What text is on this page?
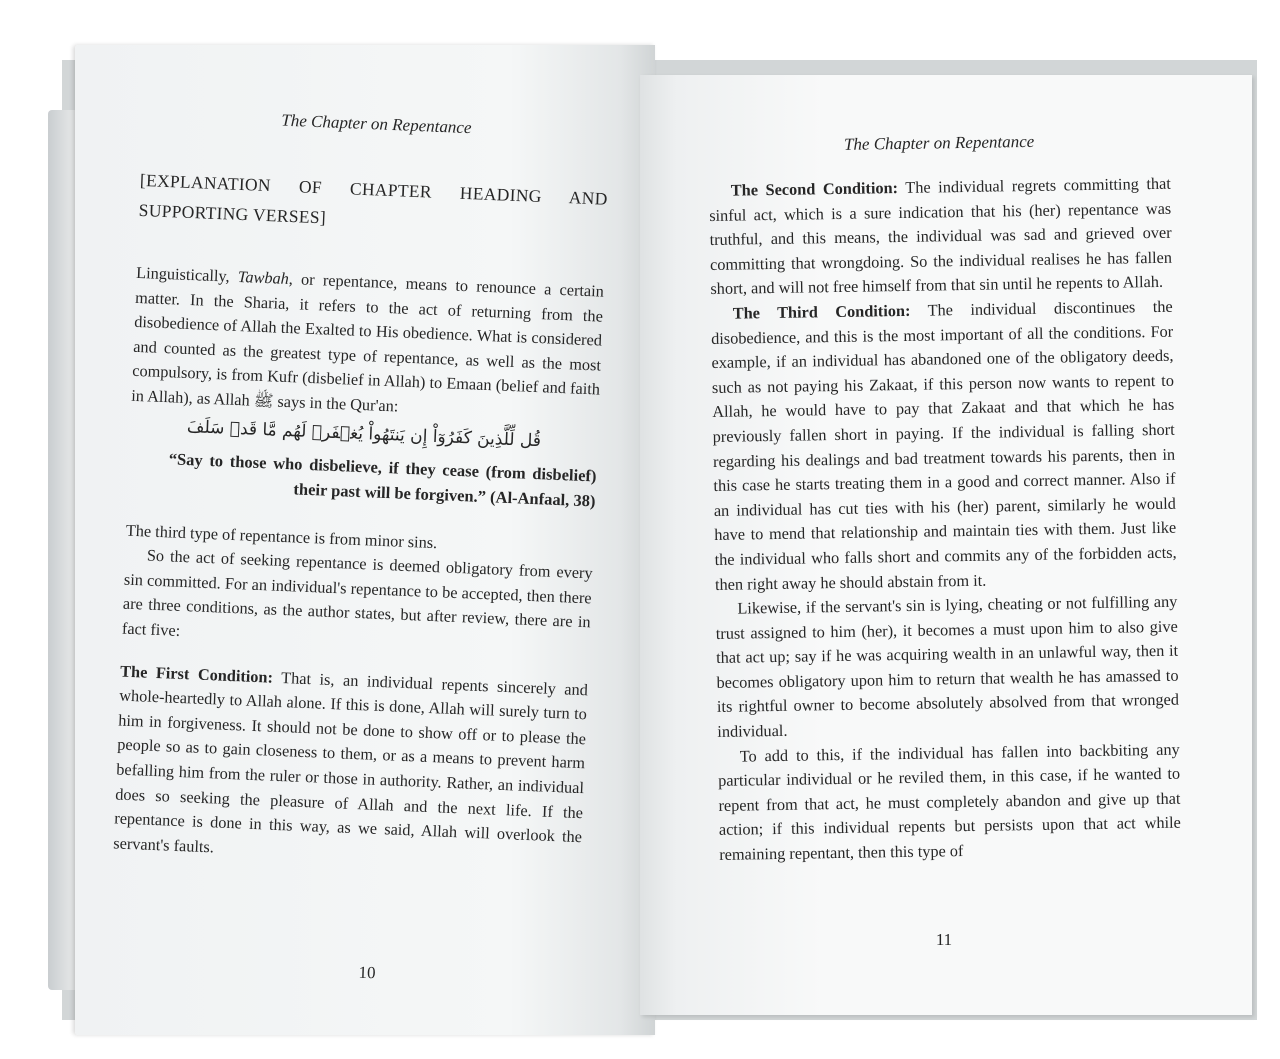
The Chapter on Repentance
[EXPLANATION OF CHAPTER HEADING AND SUPPORTING VERSES]

Linguistically, Tawbah, or repentance, means to renounce a certain matter. In the Sharia, it refers to the act of returning from the disobedience of Allah the Exalted to His obedience. What is considered and counted as the greatest type of repentance, as well as the most compulsory, is from Kufr (disbelief in Allah) to Emaan (belief and faith in Allah), as Allah ﷺ says in the Qur'an:

قُل لِّلَّذِينَ كَفَرُوٓاْ إِن يَنتَهُواْ يُغۡفَرۡ لَهُم مَّا قَدۡ سَلَفَ
“Say to those who disbelieve, if they cease (from disbelief) their past will be forgiven.” (Al-Anfaal, 38)

The third type of repentance is from minor sins.

So the act of seeking repentance is deemed obligatory from every sin committed. For an individual's repentance to be accepted, then there are three conditions, as the author states, but after review, there are in fact five:

The First Condition: That is, an individual repents sincerely and whole-heartedly to Allah alone. If this is done, Allah will surely turn to him in forgiveness. It should not be done to show off or to please the people so as to gain closeness to them, or as a means to prevent harm befalling him from the ruler or those in authority. Rather, an individual does so seeking the pleasure of Allah and the next life. If the repentance is done in this way, as we said, Allah will overlook the servant's faults.

10
The Chapter on Repentance

The Second Condition: The individual regrets committing that sinful act, which is a sure indication that his (her) repentance was truthful, and this means, the individual was sad and grieved over committing that wrongdoing. So the individual realises he has fallen short, and will not free himself from that sin until he repents to Allah.

The Third Condition: The individual discontinues the disobedience, and this is the most important of all the conditions. For example, if an individual has abandoned one of the obligatory deeds, such as not paying his Zakaat, if this person now wants to repent to Allah, he would have to pay that Zakaat and that which he has previously fallen short in paying. If the individual is falling short regarding his dealings and bad treatment towards his parents, then in this case he starts treating them in a good and correct manner. Also if an individual has cut ties with his (her) parent, similarly he would have to mend that relationship and maintain ties with them. Just like the individual who falls short and commits any of the forbidden acts, then right away he should abstain from it.

Likewise, if the servant's sin is lying, cheating or not fulfilling any trust assigned to him (her), it becomes a must upon him to also give that act up; say if he was acquiring wealth in an unlawful way, then it becomes obligatory upon him to return that wealth he has amassed to its rightful owner to become absolutely absolved from that wronged individual.

To add to this, if the individual has fallen into backbiting any particular individual or he reviled them, in this case, if he wanted to repent from that act, he must completely abandon and give up that action; if this individual repents but persists upon that act while remaining repentant, then this type of

11
